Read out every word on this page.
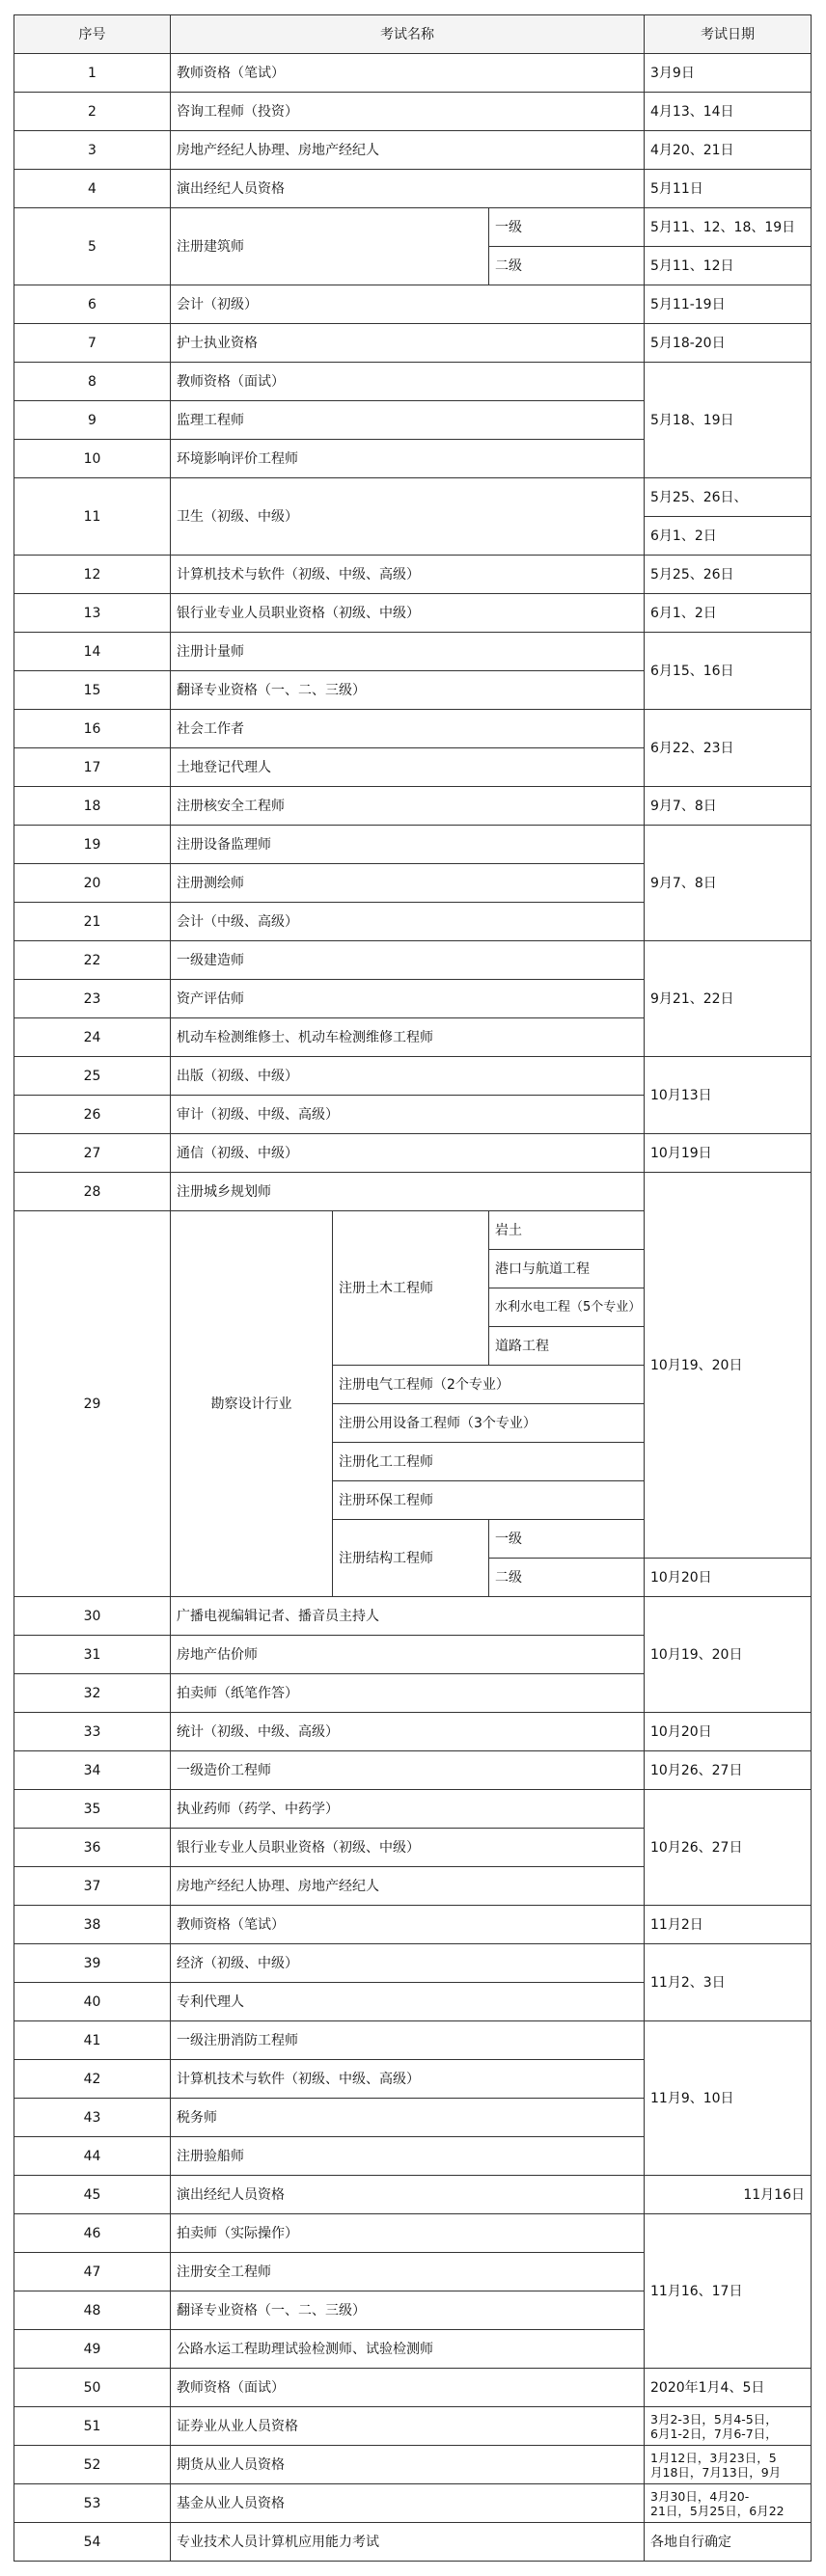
序号	考试名称			考试日期
1	教师资格（笔试）			3月9日
2	咨询工程师（投资）			4月13、14日
3	房地产经纪人协理、房地产经纪人			4月20、21日
4	演出经纪人员资格			5月11日
5	注册建筑师		一级	5月11、12、18、19日
			二级	5月11、12日
6	会计（初级）			5月11-19日
7	护士执业资格			5月18-20日
8	教师资格（面试）			5月18、19日
9	监理工程师			
10	环境影响评价工程师			
11	卫生（初级、中级）			5月25、26日、
				6月1、2日
12	计算机技术与软件（初级、中级、高级）			5月25、26日
13	银行业专业人员职业资格（初级、中级）			6月1、2日
14	注册计量师			6月15、16日
15	翻译专业资格（一、二、三级）			
16	社会工作者			6月22、23日
17	土地登记代理人			
18	注册核安全工程师			9月7、8日
19	注册设备监理师			9月7、8日
20	注册测绘师			
21	会计（中级、高级）			
22	一级建造师			9月21、22日
23	资产评估师			
24	机动车检测维修士、机动车检测维修工程师			
25	出版（初级、中级）			10月13日
26	审计（初级、中级、高级）			
27	通信（初级、中级）			10月19日
28	注册城乡规划师			10月19、20日
29	勘察设计行业	注册土木工程师	岩土	
			港口与航道工程	
			水利水电工程（5个专业）	
			道路工程	
		注册电气工程师（2个专业）		
		注册公用设备工程师（3个专业）		
		注册化工工程师		
		注册环保工程师		
		注册结构工程师	一级	
			二级	10月20日
30	广播电视编辑记者、播音员主持人			10月19、20日
31	房地产估价师			
32	拍卖师（纸笔作答）			
33	统计（初级、中级、高级）			10月20日
34	一级造价工程师			10月26、27日
35	执业药师（药学、中药学）			10月26、27日
36	银行业专业人员职业资格（初级、中级）			
37	房地产经纪人协理、房地产经纪人			
38	教师资格（笔试）			11月2日
39	经济（初级、中级）			11月2、3日
40	专利代理人			
41	一级注册消防工程师			11月9、10日
42	计算机技术与软件（初级、中级、高级）			
43	税务师			
44	注册验船师			
45	演出经纪人员资格			11月16日
46	拍卖师（实际操作）			11月16、17日
47	注册安全工程师			
48	翻译专业资格（一、二、三级）			
49	公路水运工程助理试验检测师、试验检测师			
50	教师资格（面试）			2020年1月4、5日
51	证券业从业人员资格			3月2-3日，5月4-5日，
6月1-2日，7月6-7日，

52	期货从业人员资格			1月12日，3月23日，5
月18日，7月13日，9月

53	基金从业人员资格			3月30日，4月20-
21日，5月25日，6月22

54	专业技术人员计算机应用能力考试			各地自行确定
